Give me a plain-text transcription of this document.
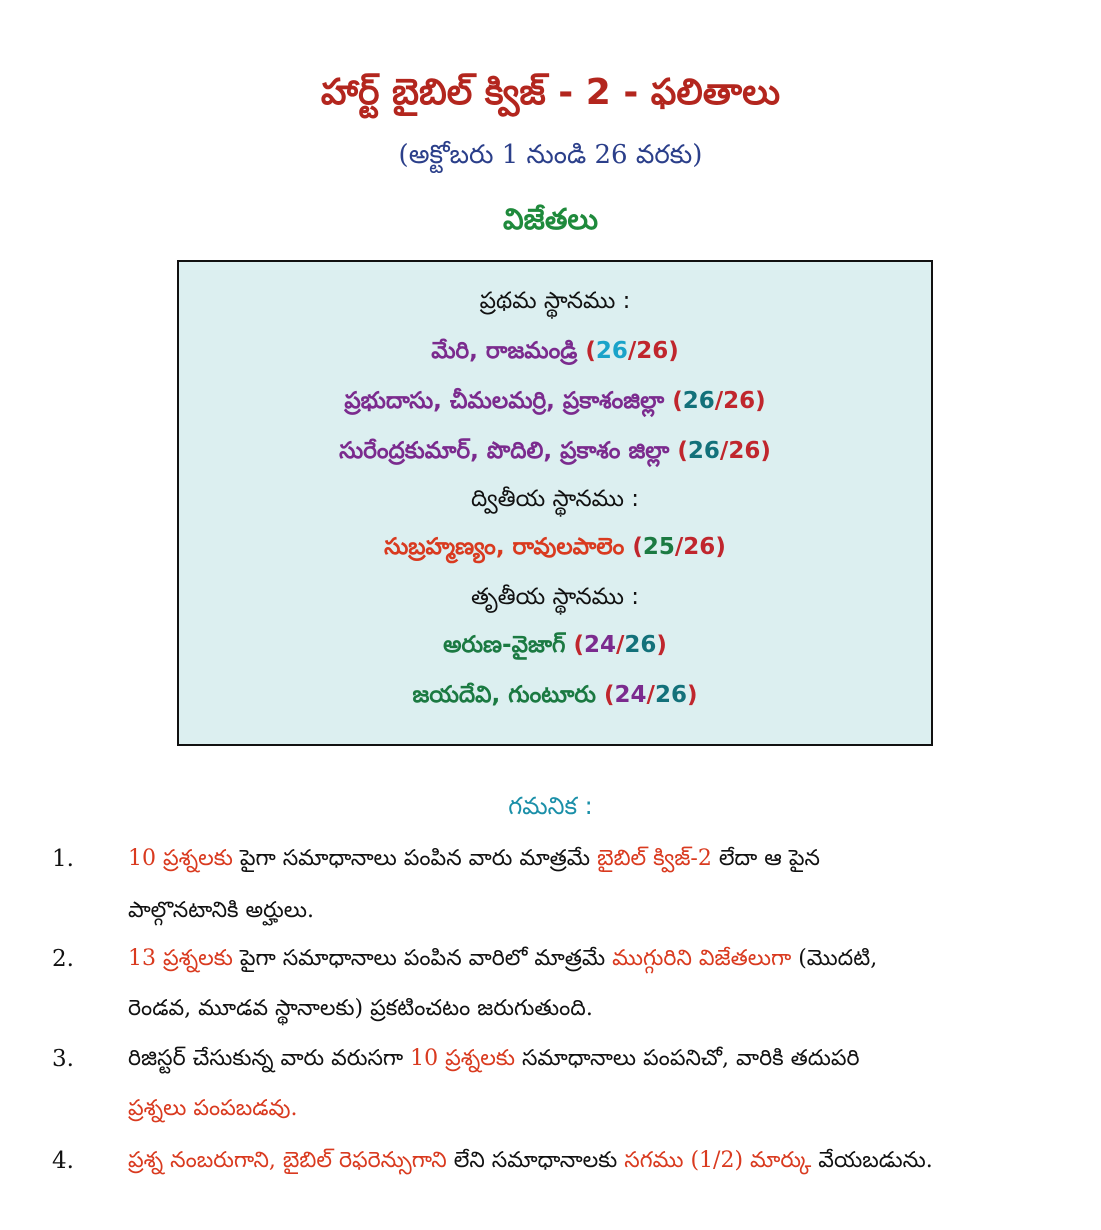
హార్ట్ బైబిల్ క్విజ్ - 2 - ఫలితాలు
(అక్టోబరు 1 నుండి 26 వరకు)
విజేతలు
ప్రథమ స్థానము :
మేరి, రాజమండ్రి (26/26)
ప్రభుదాసు, చీమలమర్రి, ప్రకాశంజిల్లా (26/26)
సురేంద్రకుమార్, పొదిలి, ప్రకాశం జిల్లా (26/26)
ద్వితీయ స్థానము :
సుబ్రహ్మణ్యం, రావులపాలెం (25/26)
తృతీయ స్థానము :
అరుణ-వైజాగ్ (24/26)
జయదేవి, గుంటూరు (24/26)
గమనిక :
1.	10 ప్రశ్నలకు పైగా సమాధానాలు పంపిన వారు మాత్రమే బైబిల్ క్విజ్-2 లేదా ఆ పైన
పాల్గొనటానికి అర్హులు.
2.	13 ప్రశ్నలకు పైగా సమాధానాలు పంపిన వారిలో మాత్రమే ముగ్గురిని విజేతలుగా (మొదటి,
రెండవ, మూడవ స్థానాలకు) ప్రకటించటం జరుగుతుంది.
3.	రిజిస్టర్ చేసుకున్న వారు వరుసగా 10 ప్రశ్నలకు సమాధానాలు పంపనిచో, వారికి తదుపరి
ప్రశ్నలు పంపబడవు.
4.	ప్రశ్న నంబరుగాని, బైబిల్ రెఫరెన్సుగాని లేని సమాధానాలకు సగము (1/2) మార్కు వేయబడును.
